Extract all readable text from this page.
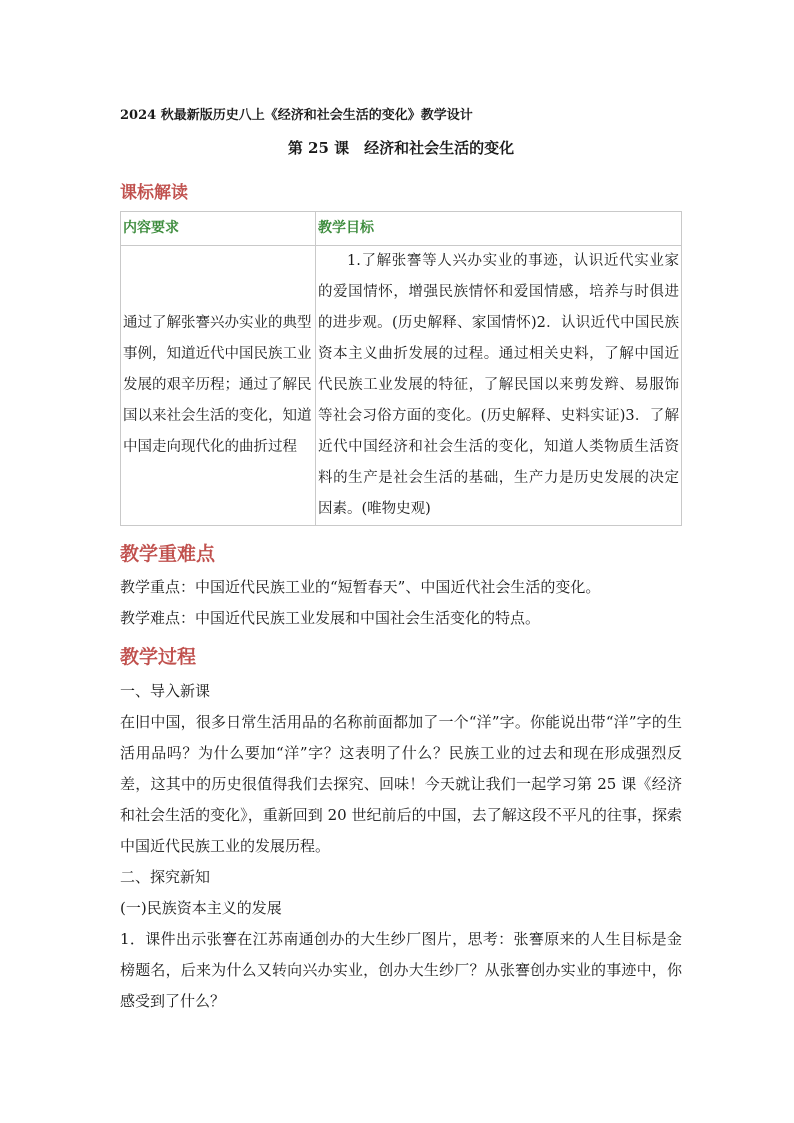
2024 秋最新版历史八上《经济和社会生活的变化》教学设计
第 25 课　经济和社会生活的变化
课标解读
内容要求	教学目标
通过了解张謇兴办实业的典型事例，知道近代中国民族工业发展的艰辛历程；通过了解民国以来社会生活的变化，知道中国走向现代化的曲折过程	1.了解张謇等人兴办实业的事迹，认识近代实业家的爱国情怀，增强民族情怀和爱国情感，培养与时俱进的进步观。(历史解释、家国情怀)2．认识近代中国民族资本主义曲折发展的过程。通过相关史料，了解中国近代民族工业发展的特征，了解民国以来剪发辫、易服饰等社会习俗方面的变化。(历史解释、史料实证)3．了解近代中国经济和社会生活的变化，知道人类物质生活资料的生产是社会生活的基础，生产力是历史发展的决定因素。(唯物史观)
教学重难点
教学重点：中国近代民族工业的“短暂春天”、中国近代社会生活的变化。
教学难点：中国近代民族工业发展和中国社会生活变化的特点。
教学过程
一、导入新课
在旧中国，很多日常生活用品的名称前面都加了一个“洋”字。你能说出带“洋”字的生活用品吗？为什么要加“洋”字？这表明了什么？民族工业的过去和现在形成强烈反差，这其中的历史很值得我们去探究、回味！今天就让我们一起学习第 25 课《经济和社会生活的变化》，重新回到 20 世纪前后的中国，去了解这段不平凡的往事，探索中国近代民族工业的发展历程。
二、探究新知
(一)民族资本主义的发展
1．课件出示张謇在江苏南通创办的大生纱厂图片，思考：张謇原来的人生目标是金榜题名，后来为什么又转向兴办实业，创办大生纱厂？从张謇创办实业的事迹中，你感受到了什么？
